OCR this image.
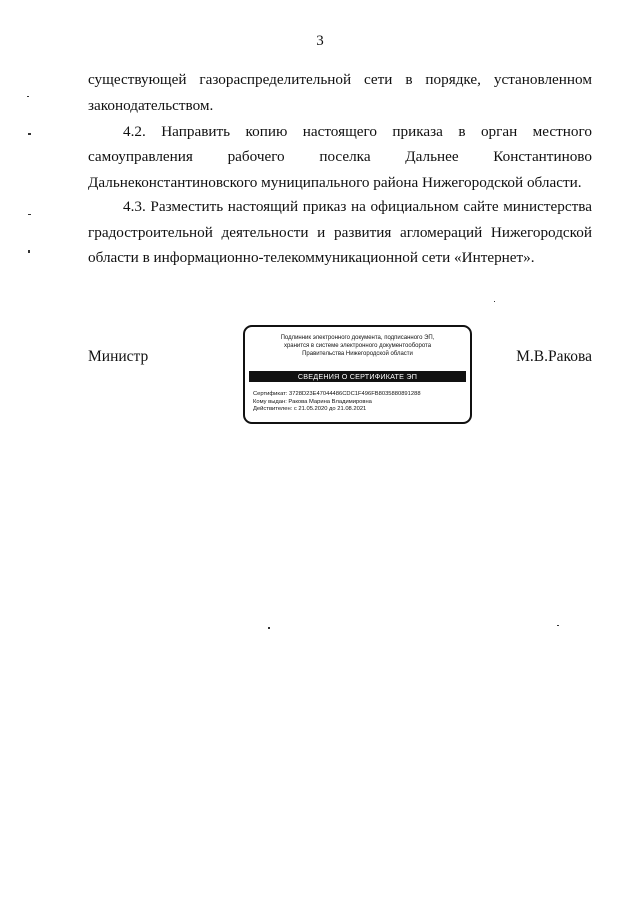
3
существующей газораспределительной сети в порядке, установленном
законодательством.
4.2. Направить копию настоящего приказа в орган местного
самоуправления рабочего поселка Дальнее Константиново
Дальнеконстантиновского муниципального района Нижегородской области.
4.3. Разместить настоящий приказ на официальном сайте министерства
градостроительной деятельности и развития агломераций Нижегородской
области в информационно-телекоммуникационной сети «Интернет».
Министр	М.В.Ракова
Подлинник электронного документа, подписанного ЭП,
хранится в системе электронного документооборота
Правительства Нижегородской области
СВЕДЕНИЯ О СЕРТИФИКАТЕ ЭП
Сертификат: 3728D23E47044486CDC1F496FB8035880891288
Кому выдан: Ракова Марина Владимировна
Действителен: с 21.05.2020 до 21.08.2021
